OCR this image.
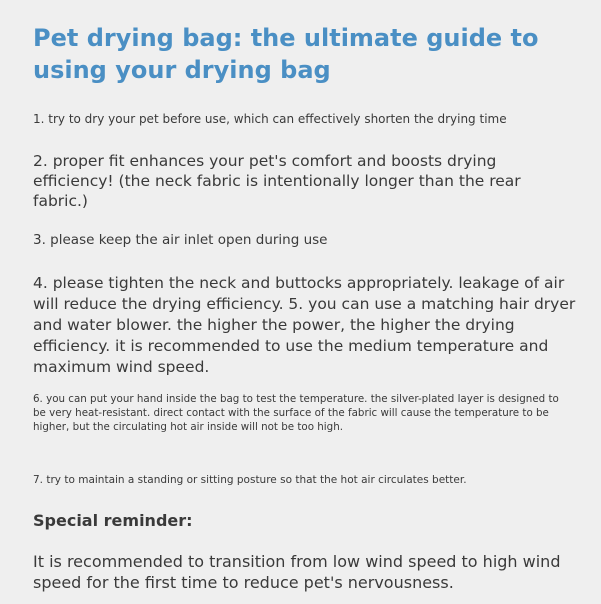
Pet drying bag: the ultimate guide to using your drying bag

1. try to dry your pet before use, which can effectively shorten the drying time

2. proper fit enhances your pet's comfort and boosts drying efficiency! (the neck fabric is intentionally longer than the rear fabric.)

3. please keep the air inlet open during use

4. please tighten the neck and buttocks appropriately. leakage of air will reduce the drying efficiency. 5. you can use a matching hair dryer and water blower. the higher the power, the higher the drying efficiency. it is recommended to use the medium temperature and maximum wind speed.

6. you can put your hand inside the bag to test the temperature. the silver-plated layer is designed to be very heat-resistant. direct contact with the surface of the fabric will cause the temperature to be higher, but the circulating hot air inside will not be too high.

7. try to maintain a standing or sitting posture so that the hot air circulates better.

Special reminder:

It is recommended to transition from low wind speed to high wind speed for the first time to reduce pet's nervousness.
